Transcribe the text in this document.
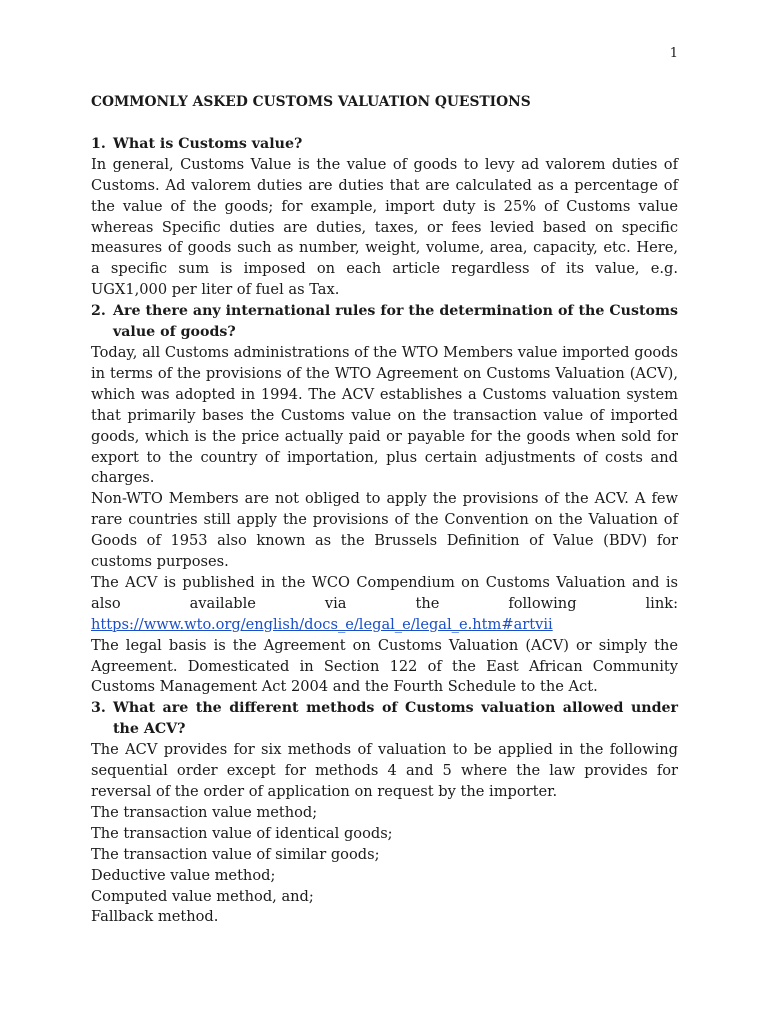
1
COMMONLY ASKED CUSTOMS VALUATION QUESTIONS
1. What is Customs value?

In general, Customs Value is the value of goods to levy ad valorem duties of Customs. Ad valorem duties are duties that are calculated as a percentage of the value of the goods; for example, import duty is 25% of Customs value whereas Specific duties are duties, taxes, or fees levied based on specific measures of goods such as number, weight, volume, area, capacity, etc. Here, a specific sum is imposed on each article regardless of its value, e.g. UGX1,000 per liter of fuel as Tax.

2. Are there any international rules for the determination of the Customs value of goods?

Today, all Customs administrations of the WTO Members value imported goods in terms of the provisions of the WTO Agreement on Customs Valuation (ACV), which was adopted in 1994. The ACV establishes a Customs valuation system that primarily bases the Customs value on the transaction value of imported goods, which is the price actually paid or payable for the goods when sold for export to the country of importation, plus certain adjustments of costs and charges.

Non-WTO Members are not obliged to apply the provisions of the ACV. A few rare countries still apply the provisions of the Convention on the Valuation of Goods of 1953 also known as the Brussels Definition of Value (BDV) for customs purposes.

The ACV is published in the WCO Compendium on Customs Valuation and is also available via the following link:

https://www.wto.org/english/docs_e/legal_e/legal_e.htm#artvii

The legal basis is the Agreement on Customs Valuation (ACV) or simply the Agreement. Domesticated in Section 122 of the East African Community Customs Management Act 2004 and the Fourth Schedule to the Act.

3. What are the different methods of Customs valuation allowed under the ACV?

The ACV provides for six methods of valuation to be applied in the following sequential order except for methods 4 and 5 where the law provides for reversal of the order of application on request by the importer.

The transaction value method;
The transaction value of identical goods;
The transaction value of similar goods;
Deductive value method;
Computed value method, and;
Fallback method.
